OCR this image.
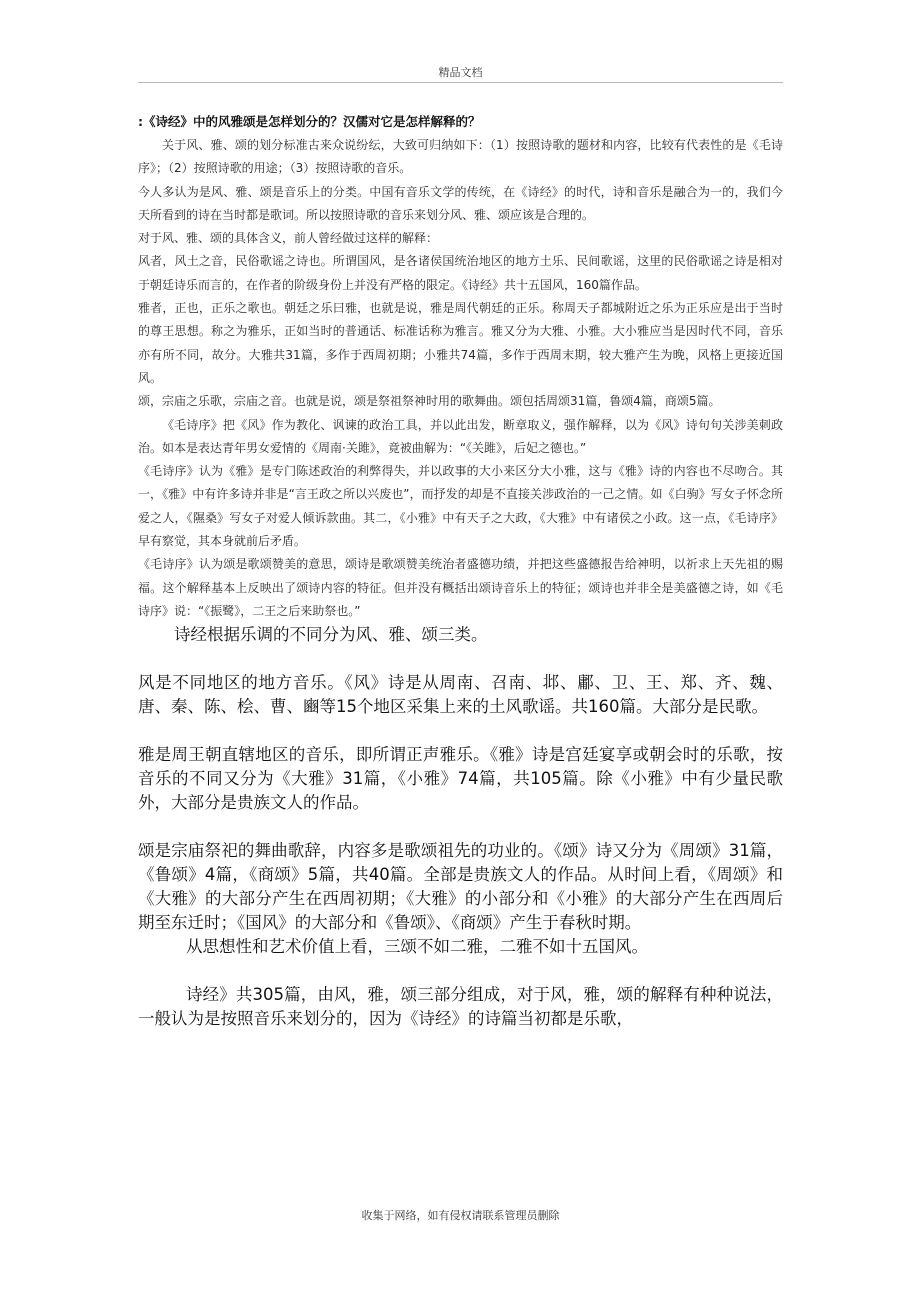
精品文档

:《诗经》中的风雅颂是怎样划分的？汉儒对它是怎样解释的？

关于风、雅、颂的划分标准古来众说纷纭，大致可归纳如下：（1）按照诗歌的题材和内容，比较有代表性的是《毛诗序》；（2）按照诗歌的用途；（3）按照诗歌的音乐。

今人多认为是风、雅、颂是音乐上的分类。中国有音乐文学的传统，在《诗经》的时代，诗和音乐是融合为一的，我们今天所看到的诗在当时都是歌词。所以按照诗歌的音乐来划分风、雅、颂应该是合理的。

对于风、雅、颂的具体含义，前人曾经做过这样的解释：

风者，风土之音，民俗歌谣之诗也。所谓国风，是各诸侯国统治地区的地方土乐、民间歌谣，这里的民俗歌谣之诗是相对于朝廷诗乐而言的，在作者的阶级身份上并没有严格的限定。《诗经》共十五国风，160篇作品。

雅者，正也，正乐之歌也。朝廷之乐曰雅，也就是说，雅是周代朝廷的正乐。称周天子都城附近之乐为正乐应是出于当时的尊王思想。称之为雅乐，正如当时的普通话、标准话称为雅言。雅又分为大雅、小雅。大小雅应当是因时代不同，音乐亦有所不同，故分。大雅共31篇，多作于西周初期；小雅共74篇，多作于西周末期，较大雅产生为晚，风格上更接近国风。

颂，宗庙之乐歌，宗庙之音。也就是说，颂是祭祖祭神时用的歌舞曲。颂包括周颂31篇，鲁颂4篇，商颂5篇。

《毛诗序》把《风》作为教化、讽谏的政治工具，并以此出发，断章取义，强作解释，以为《风》诗句句关涉美刺政治。如本是表达青年男女爱情的《周南·关雎》，竟被曲解为：“《关雎》，后妃之德也。”

《毛诗序》认为《雅》是专门陈述政治的利弊得失，并以政事的大小来区分大小雅，这与《雅》诗的内容也不尽吻合。其一，《雅》中有许多诗并非是“言王政之所以兴废也”，而抒发的却是不直接关涉政治的一己之情。如《白驹》写女子怀念所爱之人，《隰桑》写女子对爱人倾诉款曲。其二，《小雅》中有天子之大政，《大雅》中有诸侯之小政。这一点，《毛诗序》早有察觉，其本身就前后矛盾。

《毛诗序》认为颂是歌颂赞美的意思，颂诗是歌颂赞美统治者盛德功绩，并把这些盛德报告给神明，以祈求上天先祖的赐福。这个解释基本上反映出了颂诗内容的特征。但并没有概括出颂诗音乐上的特征；颂诗也并非全是美盛德之诗，如《毛诗序》说：“《振鹭》，二王之后来助祭也。”

诗经根据乐调的不同分为风、雅、颂三类。

风是不同地区的地方音乐。《风》诗是从周南、召南、邶、鄘、卫、王、郑、齐、魏、唐、秦、陈、桧、曹、豳等15个地区采集上来的土风歌谣。共160篇。大部分是民歌。

雅是周王朝直辖地区的音乐，即所谓正声雅乐。《雅》诗是宫廷宴享或朝会时的乐歌，按音乐的不同又分为《大雅》31篇，《小雅》74篇，共105篇。除《小雅》中有少量民歌外，大部分是贵族文人的作品。

颂是宗庙祭祀的舞曲歌辞，内容多是歌颂祖先的功业的。《颂》诗又分为《周颂》31篇，《鲁颂》4篇，《商颂》5篇，共40篇。全部是贵族文人的作品。从时间上看，《周颂》和《大雅》的大部分产生在西周初期；《大雅》的小部分和《小雅》的大部分产生在西周后期至东迁时；《国风》的大部分和《鲁颂》、《商颂》产生于春秋时期。

从思想性和艺术价值上看，三颂不如二雅，二雅不如十五国风。

诗经》共305篇，由风，雅，颂三部分组成，对于风，雅，颂的解释有种种说法，一般认为是按照音乐来划分的，因为《诗经》的诗篇当初都是乐歌，

收集于网络，如有侵权请联系管理员删除
